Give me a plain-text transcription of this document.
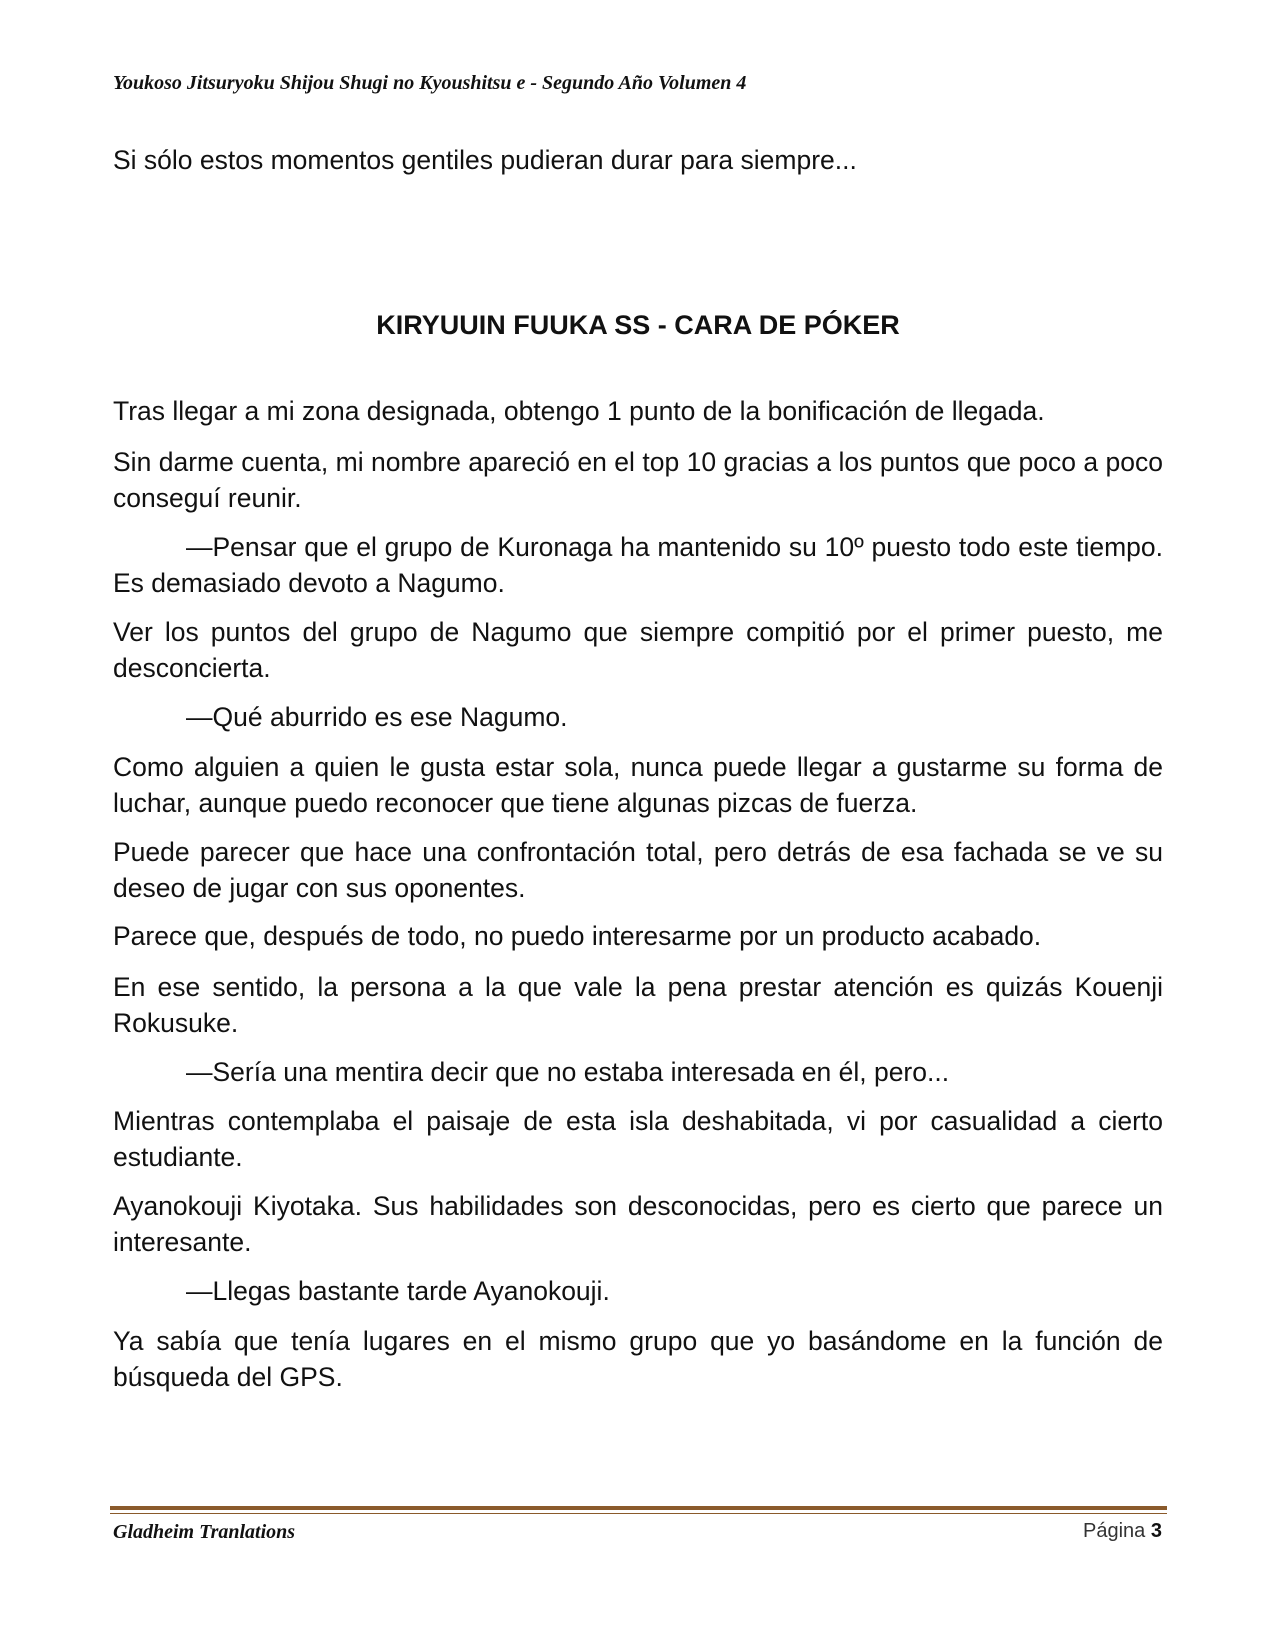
Youkoso Jitsuryoku Shijou Shugi no Kyoushitsu e - Segundo Año Volumen 4
Si sólo estos momentos gentiles pudieran durar para siempre...
KIRYUUIN FUUKA SS - CARA DE PÓKER
Tras llegar a mi zona designada, obtengo 1 punto de la bonificación de llegada.
Sin darme cuenta, mi nombre apareció en el top 10 gracias a los puntos que poco a poco conseguí reunir.
—Pensar que el grupo de Kuronaga ha mantenido su 10º puesto todo este tiempo. Es demasiado devoto a Nagumo.
Ver los puntos del grupo de Nagumo que siempre compitió por el primer puesto, me desconcierta.
—Qué aburrido es ese Nagumo.
Como alguien a quien le gusta estar sola, nunca puede llegar a gustarme su forma de luchar, aunque puedo reconocer que tiene algunas pizcas de fuerza.
Puede parecer que hace una confrontación total, pero detrás de esa fachada se ve su deseo de jugar con sus oponentes.
Parece que, después de todo, no puedo interesarme por un producto acabado.
En ese sentido, la persona a la que vale la pena prestar atención es quizás Kouenji Rokusuke.
—Sería una mentira decir que no estaba interesada en él, pero...
Mientras contemplaba el paisaje de esta isla deshabitada, vi por casualidad a cierto estudiante.
Ayanokouji Kiyotaka. Sus habilidades son desconocidas, pero es cierto que parece un interesante.
—Llegas bastante tarde Ayanokouji.
Ya sabía que tenía lugares en el mismo grupo que yo basándome en la función de búsqueda del GPS.
Gladheim Tranlations	Página 3
